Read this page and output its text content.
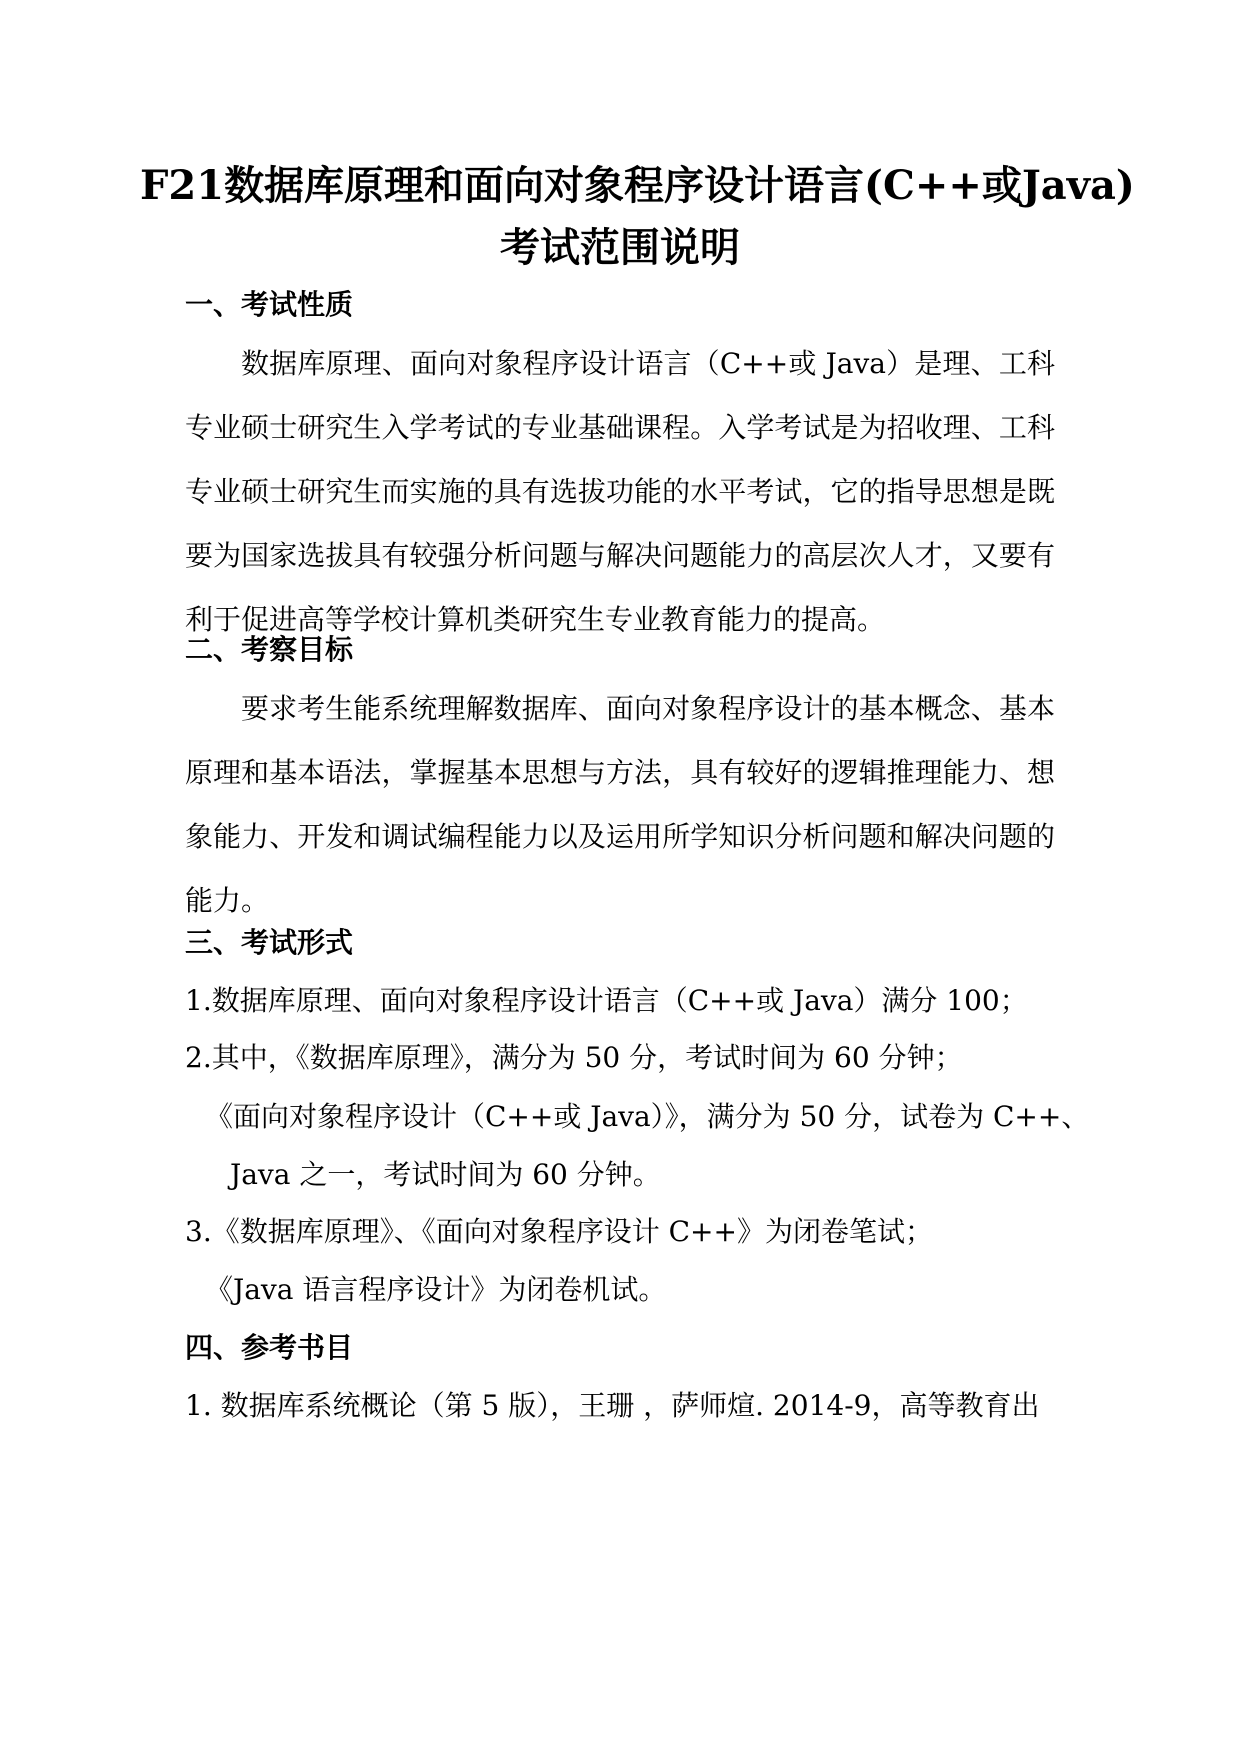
F21数据库原理和面向对象程序设计语言(C++或Java)
考试范围说明
一、考试性质
数据库原理、面向对象程序设计语言（C++或 Java）是理、工科专业硕士研究生入学考试的专业基础课程。入学考试是为招收理、工科专业硕士研究生而实施的具有选拔功能的水平考试，它的指导思想是既要为国家选拔具有较强分析问题与解决问题能力的高层次人才，又要有利于促进高等学校计算机类研究生专业教育能力的提高。
二、考察目标
要求考生能系统理解数据库、面向对象程序设计的基本概念、基本原理和基本语法，掌握基本思想与方法，具有较好的逻辑推理能力、想象能力、开发和调试编程能力以及运用所学知识分析问题和解决问题的能力。
三、考试形式
1.数据库原理、面向对象程序设计语言（C++或 Java）满分 100；
2.其中，《数据库原理》，满分为 50 分，考试时间为 60 分钟；
《面向对象程序设计（C++或 Java）》，满分为 50 分，试卷为 C++、
Java 之一，考试时间为 60 分钟。
3.《数据库原理》、《面向对象程序设计 C++》为闭卷笔试；
《Java 语言程序设计》为闭卷机试。
四、参考书目
1. 数据库系统概论（第 5 版），王珊 ，萨师煊. 2014-9，高等教育出
